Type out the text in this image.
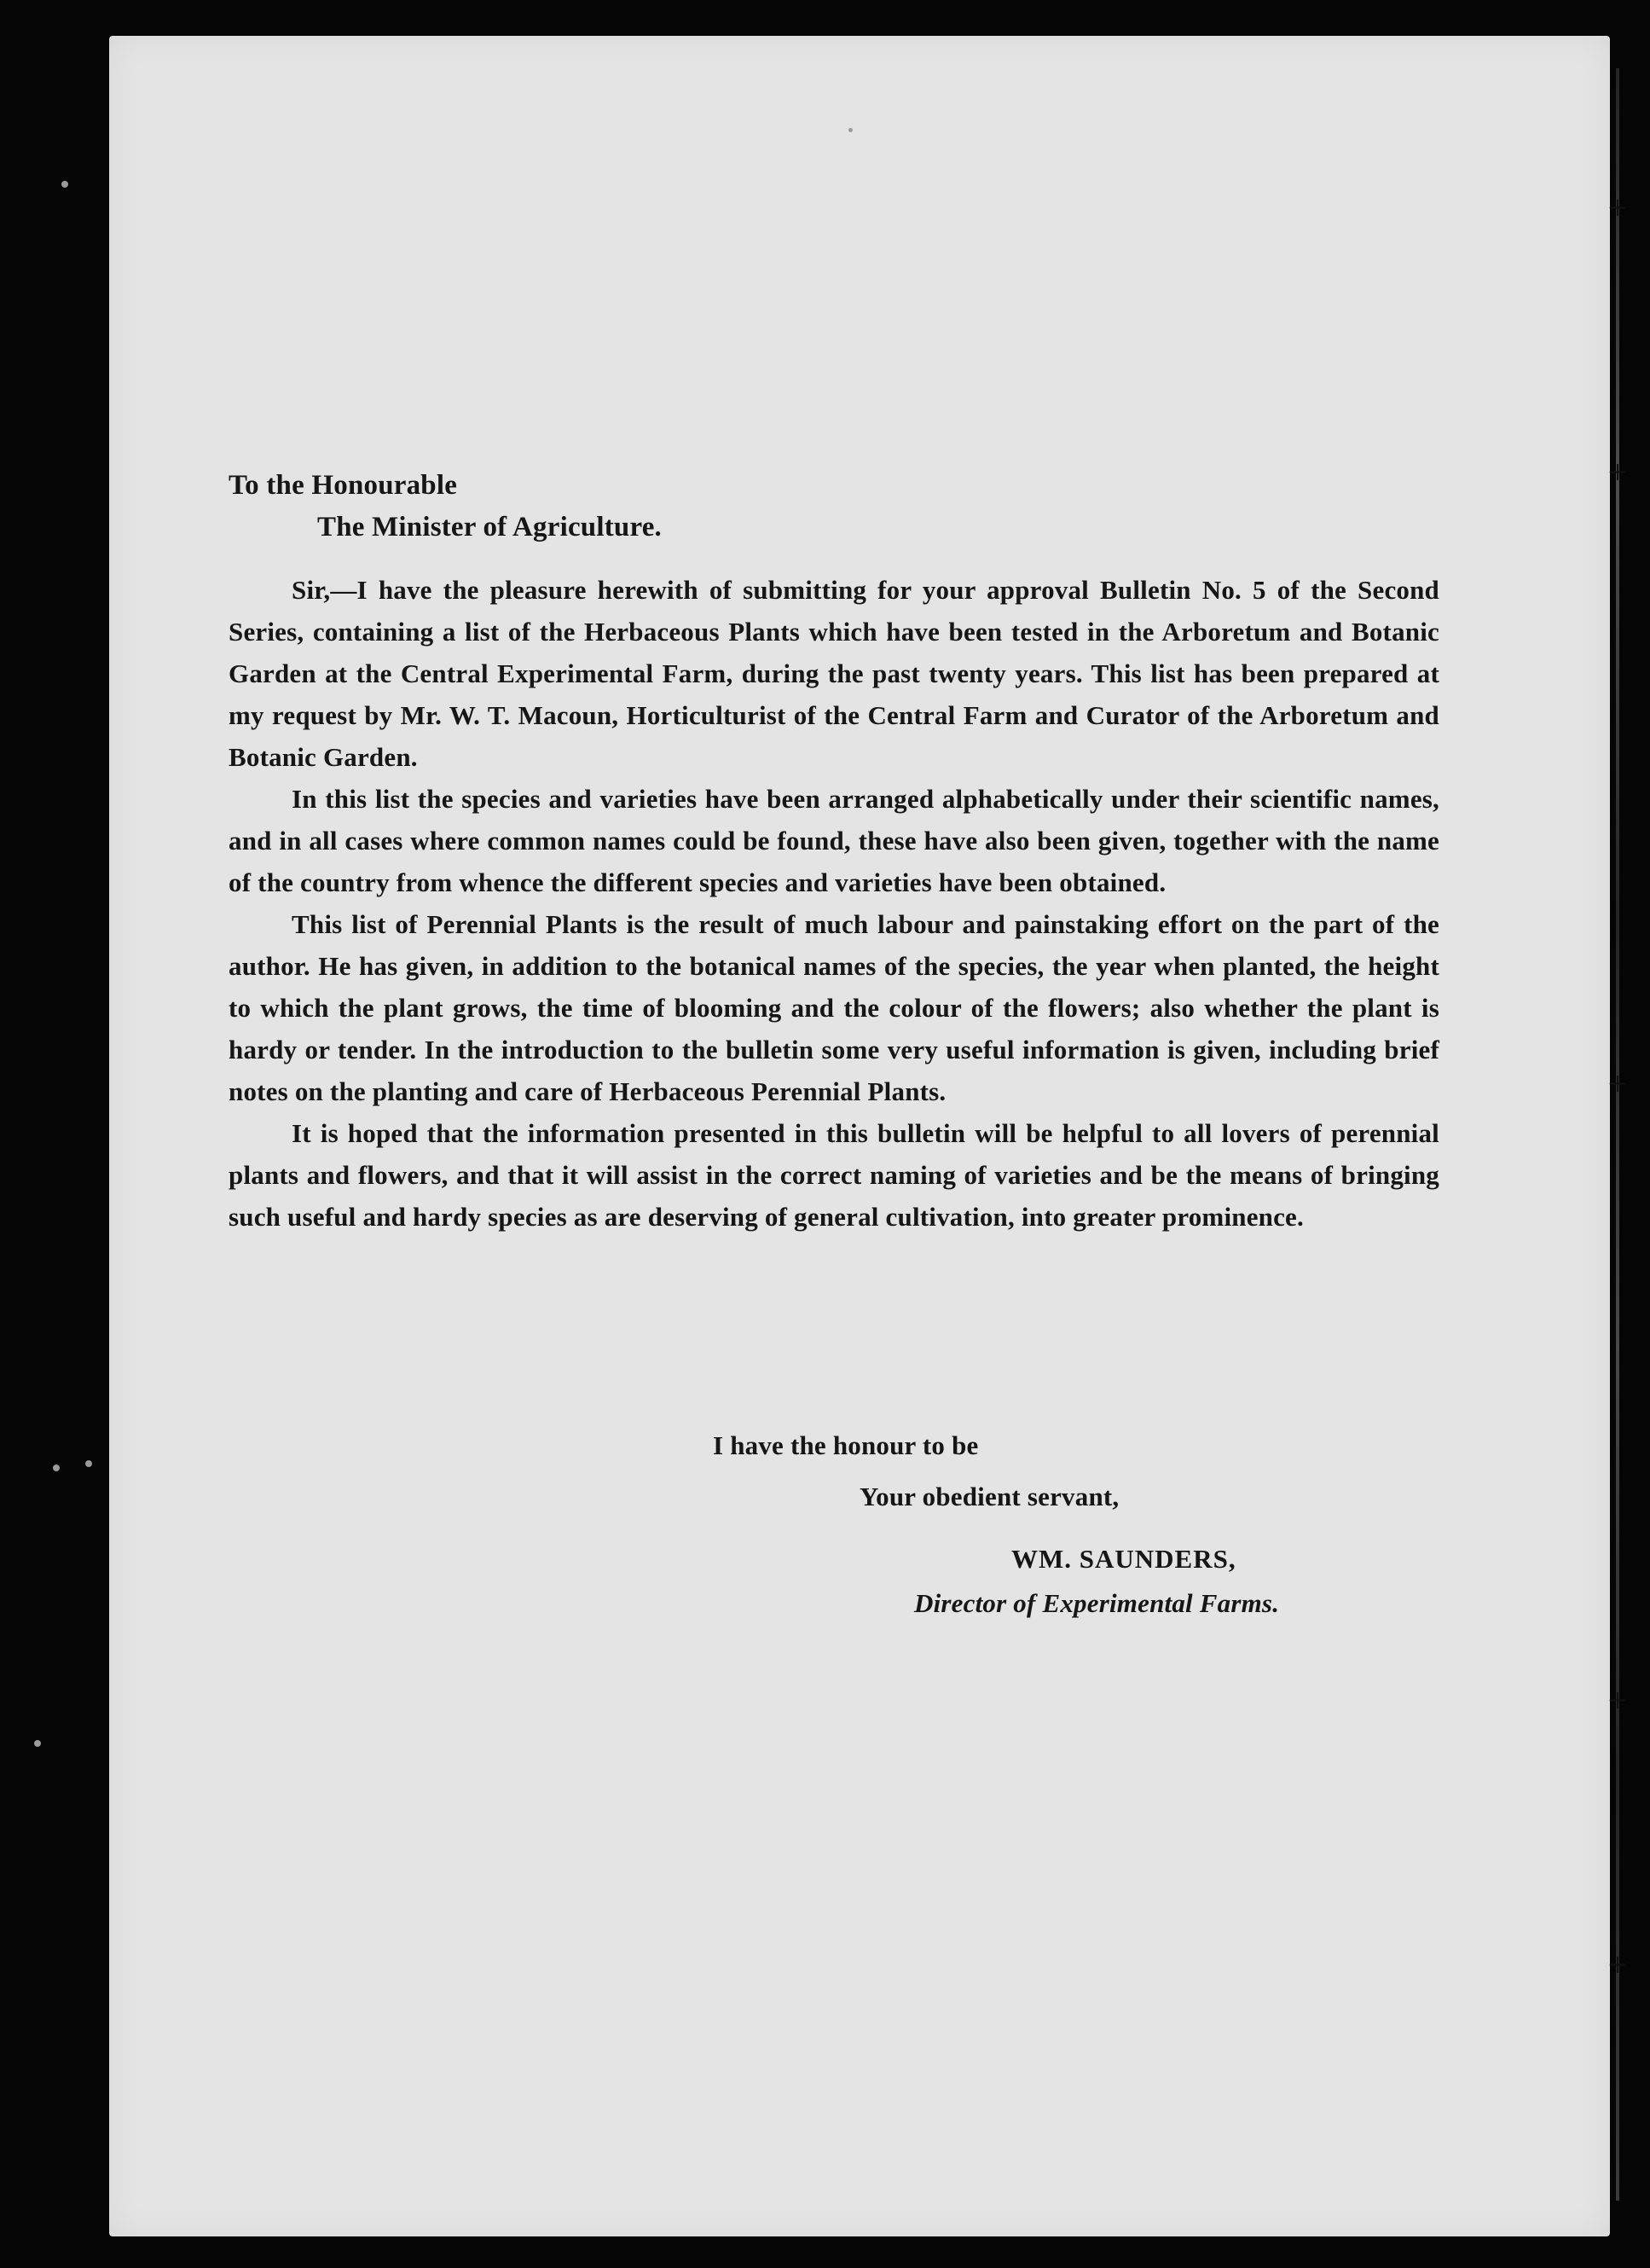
+
+
+
+
+

To the Honourable

The Minister of Agriculture.

Sir,—I have the pleasure herewith of submitting for your approval Bulletin No. 5 of the Second Series, containing a list of the Herbaceous Plants which have been tested in the Arboretum and Botanic Garden at the Central Experimental Farm, during the past twenty years. This list has been prepared at my request by Mr. W. T. Macoun, Horticulturist of the Central Farm and Curator of the Arboretum and Botanic Garden.

In this list the species and varieties have been arranged alphabetically under their scientific names, and in all cases where common names could be found, these have also been given, together with the name of the country from whence the different species and varieties have been obtained.

This list of Perennial Plants is the result of much labour and painstaking effort on the part of the author. He has given, in addition to the botanical names of the species, the year when planted, the height to which the plant grows, the time of blooming and the colour of the flowers; also whether the plant is hardy or tender. In the introduction to the bulletin some very useful information is given, including brief notes on the planting and care of Herbaceous Perennial Plants.

It is hoped that the information presented in this bulletin will be helpful to all lovers of perennial plants and flowers, and that it will assist in the correct naming of varieties and be the means of bringing such useful and hardy species as are deserving of general cultivation, into greater prominence.

I have the honour to be
Your obedient servant,
WM. SAUNDERS,
Director of Experimental Farms.
